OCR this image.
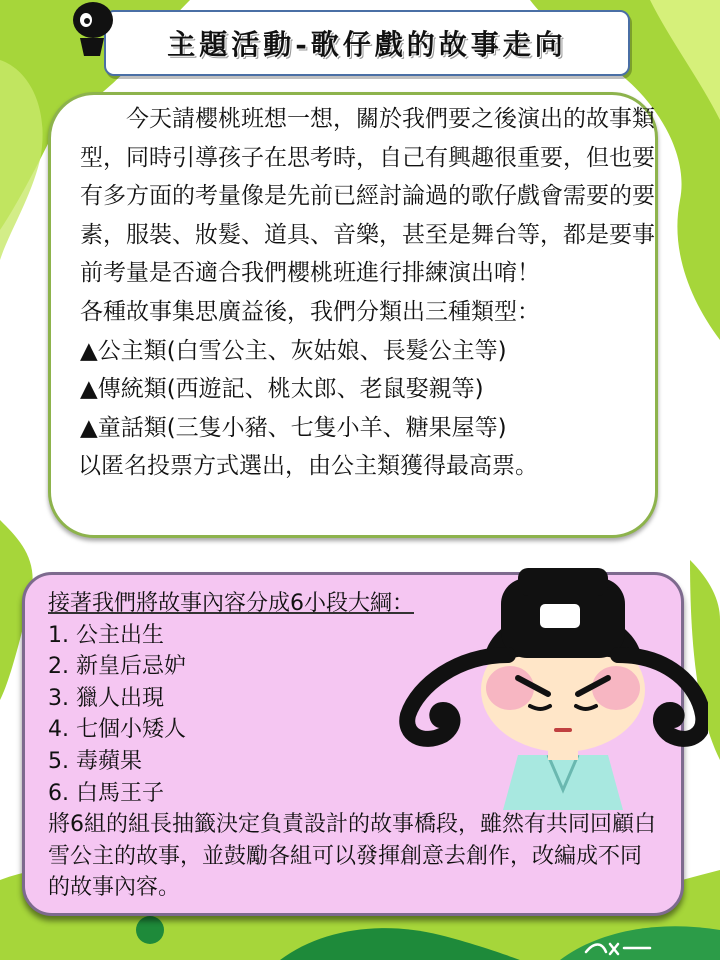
主題活動-歌仔戲的故事走向

今天請櫻桃班想一想，關於我們要之後演出的故事類型，同時引導孩子在思考時，自己有興趣很重要，但也要有多方面的考量像是先前已經討論過的歌仔戲會需要的要素，服裝、妝髮、道具、音樂，甚至是舞台等，都是要事前考量是否適合我們櫻桃班進行排練演出唷！

各種故事集思廣益後，我們分類出三種類型：

▲公主類(白雪公主、灰姑娘、長髮公主等)

▲傳統類(西遊記、桃太郎、老鼠娶親等)

▲童話類(三隻小豬、七隻小羊、糖果屋等)

以匿名投票方式選出，由公主類獲得最高票。

接著我們將故事內容分成6小段大綱：

1. 公主出生

2. 新皇后忌妒

3. 獵人出現

4. 七個小矮人

5. 毒蘋果

6. 白馬王子

將6組的組長抽籤決定負責設計的故事橋段，雖然有共同回顧白雪公主的故事，並鼓勵各組可以發揮創意去創作，改編成不同的故事內容。
